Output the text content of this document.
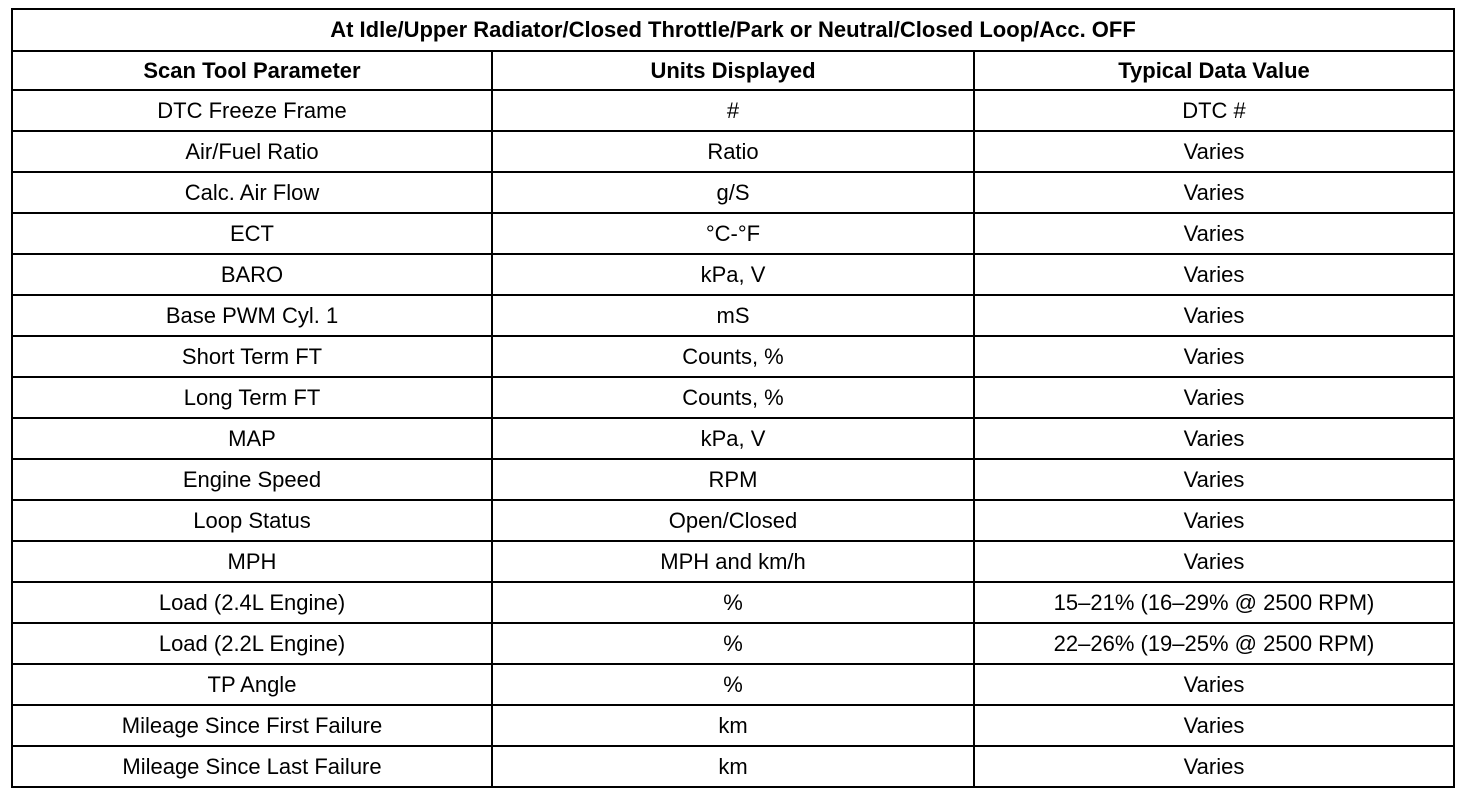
At Idle/Upper Radiator/Closed Throttle/Park or Neutral/Closed Loop/Acc. OFF		
Scan Tool Parameter	Units Displayed	Typical Data Value
DTC Freeze Frame	#	DTC #
Air/Fuel Ratio	Ratio	Varies
Calc. Air Flow	g/S	Varies
ECT	°C-°F	Varies
BARO	kPa, V	Varies
Base PWM Cyl. 1	mS	Varies
Short Term FT	Counts, %	Varies
Long Term FT	Counts, %	Varies
MAP	kPa, V	Varies
Engine Speed	RPM	Varies
Loop Status	Open/Closed	Varies
MPH	MPH and km/h	Varies
Load (2.4L Engine)	%	15–21% (16–29% @ 2500 RPM)
Load (2.2L Engine)	%	22–26% (19–25% @ 2500 RPM)
TP Angle	%	Varies
Mileage Since First Failure	km	Varies
Mileage Since Last Failure	km	Varies
